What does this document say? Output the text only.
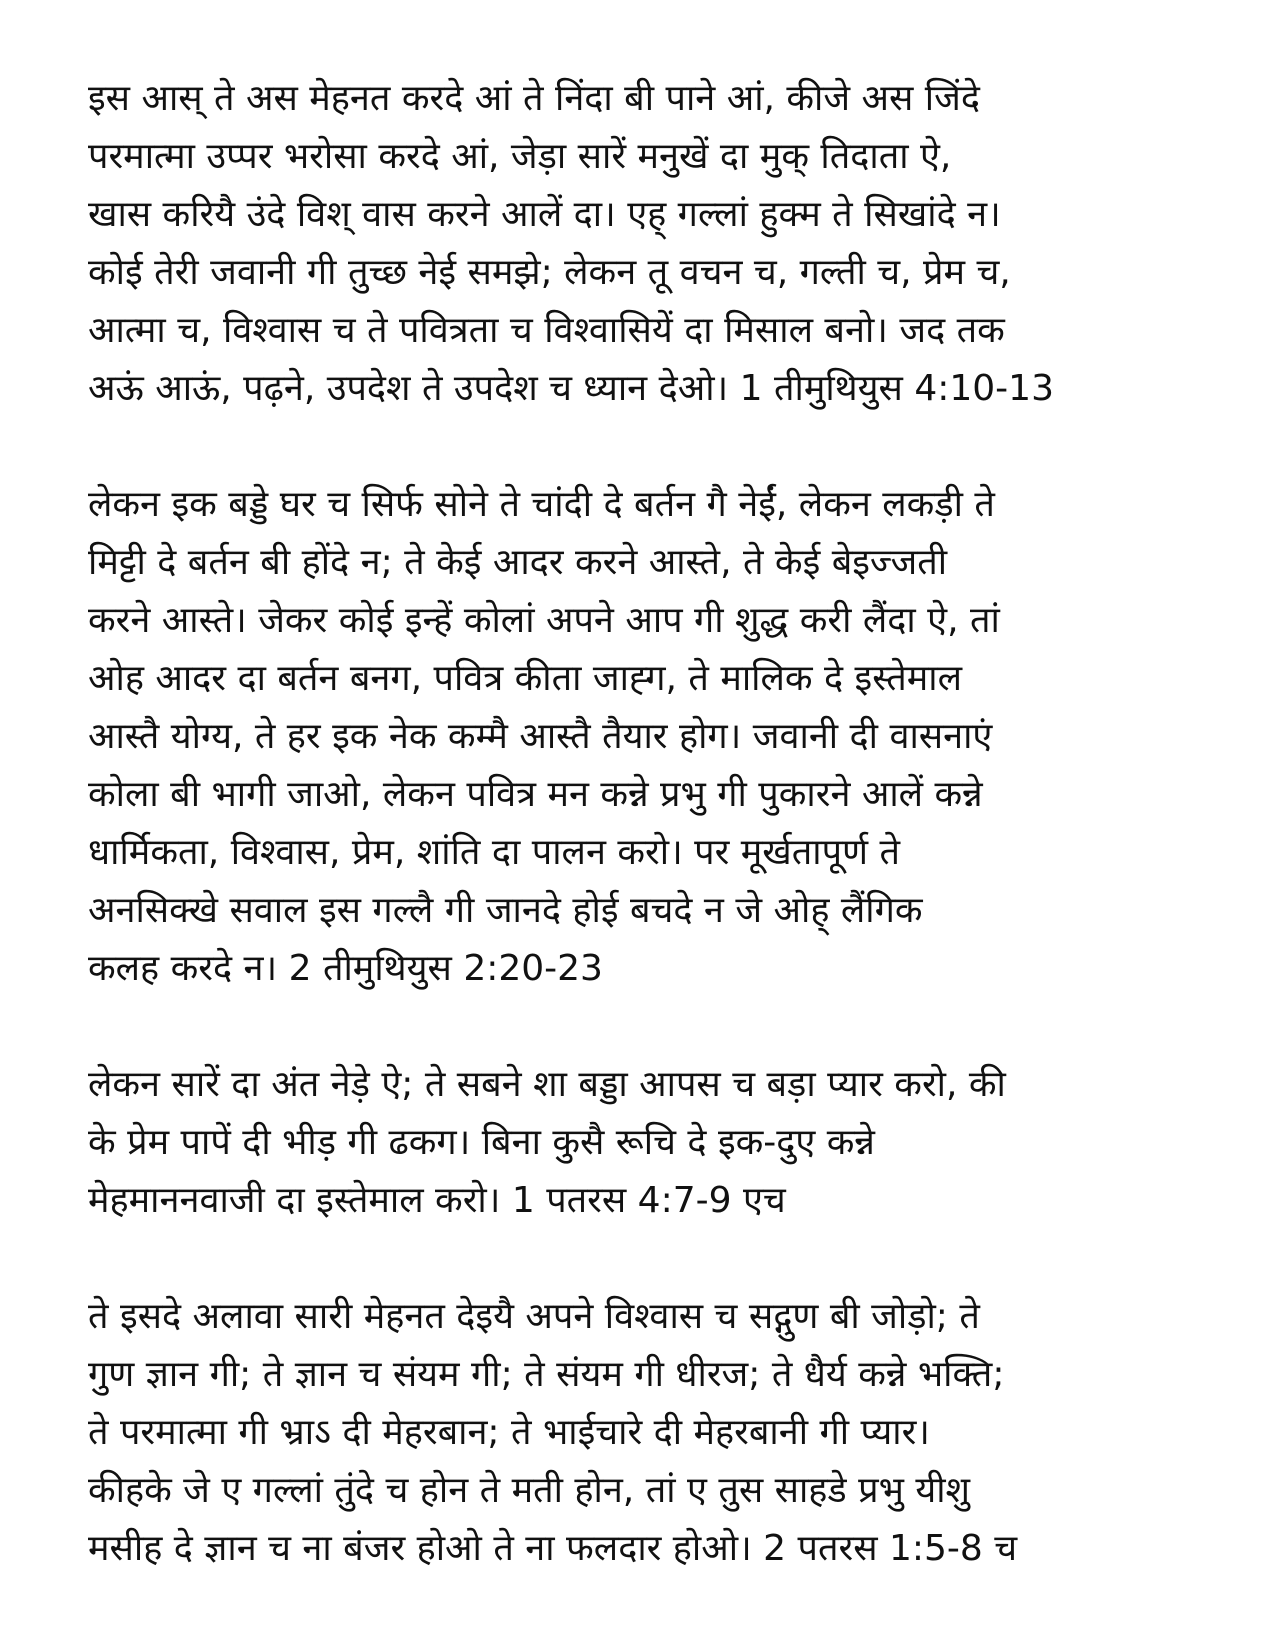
इस आस् ते अस मेहनत करदे आं ते निंदा बी पाने आं, कीजे अस जिंदे
परमात्मा उप्पर भरोसा करदे आं, जेड़ा सारें मनुखें दा मुक् तिदाता ऐ,
खास करियै उंदे विश् वास करने आलें दा। एह् गल्लां हुक्म ते सिखांदे न।
कोई तेरी जवानी गी तुच्छ नेई समझे; लेकन तू वचन च, गल्ती च, प्रेम च,
आत्मा च, विश्वास च ते पवित्रता च विश्वासियें दा मिसाल बनो। जद तक
अऊं आऊं, पढ़ने, उपदेश ते उपदेश च ध्यान देओ। 1 तीमुथियुस 4:10-13
लेकन इक बड्डे घर च सिर्फ सोने ते चांदी दे बर्तन गै नेईं, लेकन लकड़ी ते
मिट्टी दे बर्तन बी होंदे न; ते केई आदर करने आस्ते, ते केई बेइज्जती
करने आस्ते। जेकर कोई इन्हें कोलां अपने आप गी शुद्ध करी लैंदा ऐ, तां
ओह आदर दा बर्तन बनग, पवित्र कीता जाह्ग, ते मालिक दे इस्तेमाल
आस्तै योग्य, ते हर इक नेक कम्मै आस्तै तैयार होग। जवानी दी वासनाएं
कोला बी भागी जाओ, लेकन पवित्र मन कन्ने प्रभु गी पुकारने आलें कन्ने
धार्मिकता, विश्वास, प्रेम, शांति दा पालन करो। पर मूर्खतापूर्ण ते
अनसिक्खे सवाल इस गल्लै गी जानदे होई बचदे न जे ओह् लैंगिक
कलह करदे न। 2 तीमुथियुस 2:20-23
लेकन सारें दा अंत नेड़े ऐ; ते सबने शा बड्डा आपस च बड़ा प्यार करो, की
के प्रेम पापें दी भीड़ गी ढकग। बिना कुसै रूचि दे इक-दुए कन्ने
मेहमाननवाजी दा इस्तेमाल करो। 1 पतरस 4:7-9 एच
ते इसदे अलावा सारी मेहनत देइयै अपने विश्वास च सद्गुण बी जोड़ो; ते
गुण ज्ञान गी; ते ज्ञान च संयम गी; ते संयम गी धीरज; ते धैर्य कन्ने भक्ति;
ते परमात्मा गी भ्राऽ दी मेहरबान; ते भाईचारे दी मेहरबानी गी प्यार।
कीहके जे ए गल्लां तुंदे च होन ते मती होन, तां ए तुस साहडे प्रभु यीशु
मसीह दे ज्ञान च ना बंजर होओ ते ना फलदार होओ। 2 पतरस 1:5-8 च
